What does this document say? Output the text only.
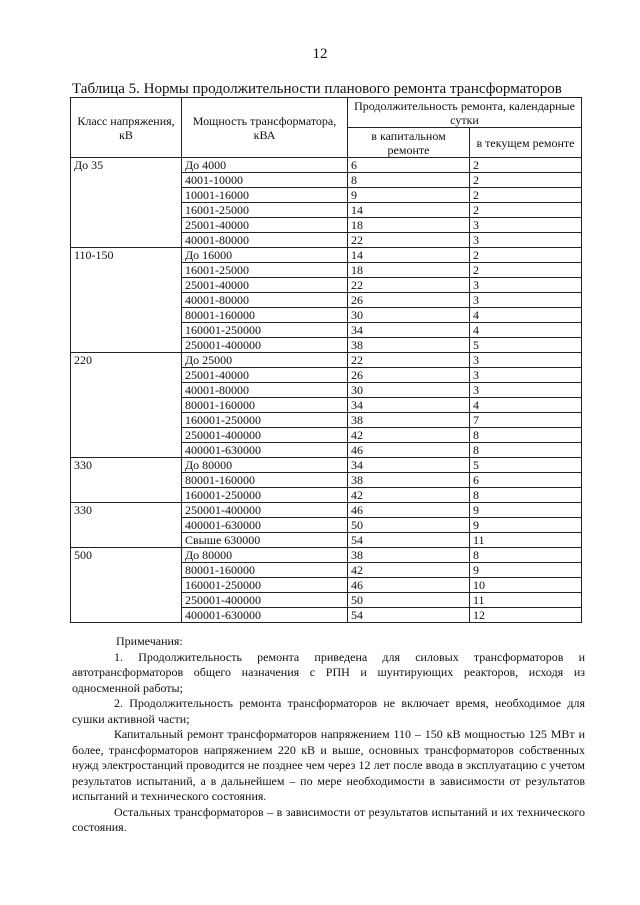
12
Таблица 5. Нормы продолжительности планового ремонта трансформаторов
Класс напряжения, кВ	Мощность трансформатора, кВА	Продолжительность ремонта, календарные сутки	
		в капитальном ремонте	в текущем ремонте
До 35	До 4000	6	2
	4001-10000	8	2
	10001-16000	9	2
	16001-25000	14	2
	25001-40000	18	3
	40001-80000	22	3
110-150	До 16000	14	2
	16001-25000	18	2
	25001-40000	22	3
	40001-80000	26	3
	80001-160000	30	4
	160001-250000	34	4
	250001-400000	38	5
220	До 25000	22	3
	25001-40000	26	3
	40001-80000	30	3
	80001-160000	34	4
	160001-250000	38	7
	250001-400000	42	8
	400001-630000	46	8
330	До 80000	34	5
	80001-160000	38	6
	160001-250000	42	8
330	250001-400000	46	9
	400001-630000	50	9
	Свыше 630000	54	11
500	До 80000	38	8
	80001-160000	42	9
	160001-250000	46	10
	250001-400000	50	11
	400001-630000	54	12

Примечания:

1. Продолжительность ремонта приведена для силовых трансформаторов и автотрансформаторов общего назначения с РПН и шунтирующих реакторов, исходя из односменной работы;

2. Продолжительность ремонта трансформаторов не включает время, необходимое для сушки активной части;

Капитальный ремонт трансформаторов напряжением 110 – 150 кВ мощностью 125 МВт и более, трансформаторов напряжением 220 кВ и выше, основных трансформаторов собственных нужд электростанций проводится не позднее чем через 12 лет после ввода в эксплуатацию с учетом результатов испытаний, а в дальнейшем – по мере необходимости в зависимости от результатов испытаний и технического состояния.

Остальных трансформаторов – в зависимости от результатов испытаний и их технического состояния.
